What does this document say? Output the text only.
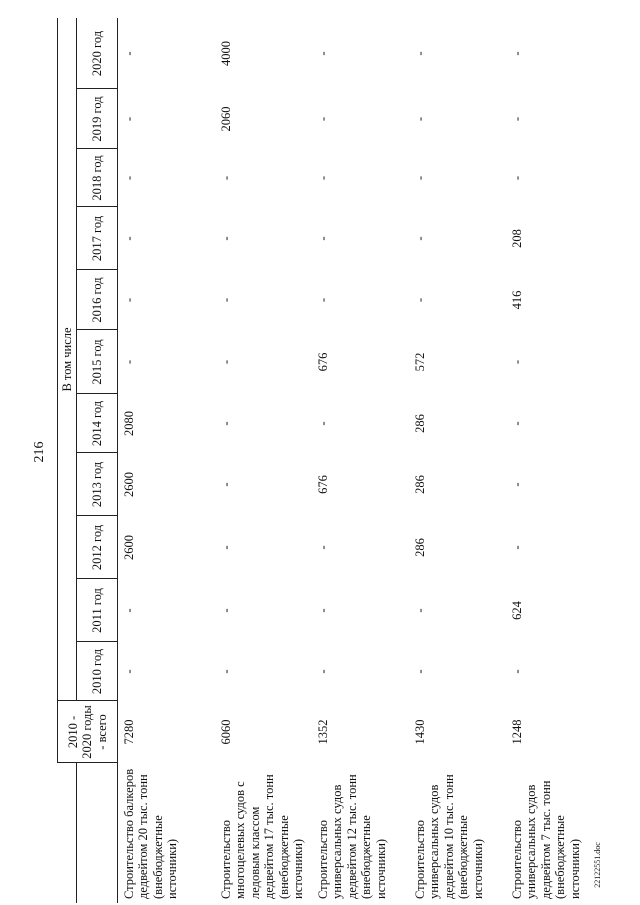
216
22122551.doc
	2010 - 2020 годы - всего	В том числе										
		2010 год	2011 год	2012 год	2013 год	2014 год	2015 год	2016 год	2017 год	2018 год	2019 год	2020 год
Строительство балкеров дедвейтом 20 тыс. тонн (внебюджетные источники)	7280	-	-	2600	2600	2080	-	-	-	-	-	-
Строительство многоцелевых судов с ледовым классом дедвейтом 17 тыс. тонн (внебюджетные источники)	6060	-	-	-	-	-	-	-	-	-	2060	4000
Строительство универсальных судов дедвейтом 12 тыс. тонн (внебюджетные источники)	1352	-	-	-	676	-	676	-	-	-	-	-
Строительство универсальных судов дедвейтом 10 тыс. тонн (внебюджетные источники)	1430	-	-	286	286	286	572	-	-	-	-	-
Строительство универсальных судов дедвейтом 7 тыс. тонн (внебюджетные источники)	1248	-	624	-	-	-	-	416	208	-	-	-
